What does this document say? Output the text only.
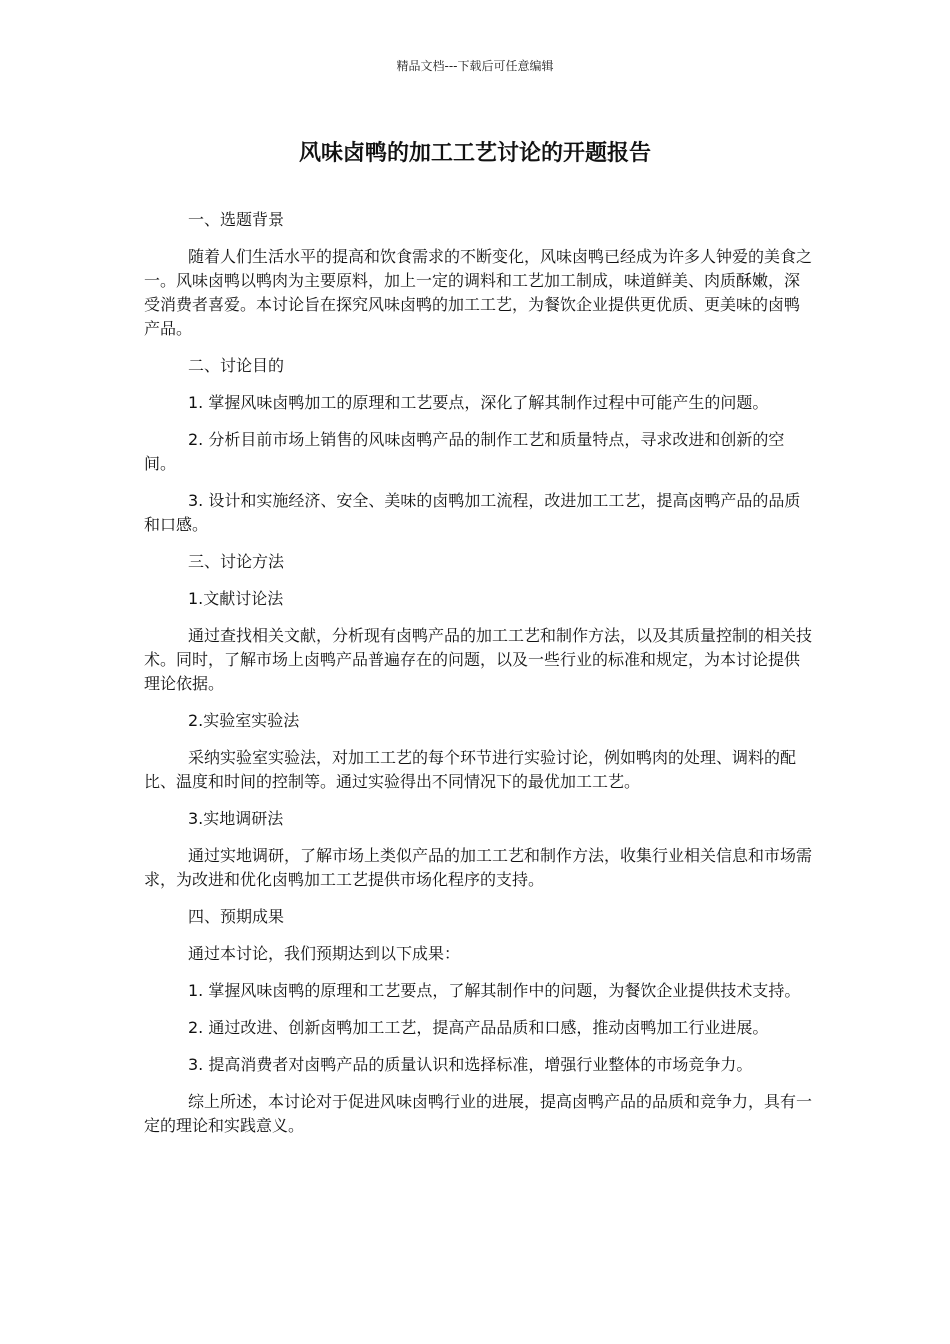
精品文档---下载后可任意编辑
风味卤鸭的加工工艺讨论的开题报告

一、选题背景

随着人们生活水平的提高和饮食需求的不断变化，风味卤鸭已经成为许多人钟爱的美食之一。风味卤鸭以鸭肉为主要原料，加上一定的调料和工艺加工制成，味道鲜美、肉质酥嫩，深受消费者喜爱。本讨论旨在探究风味卤鸭的加工工艺，为餐饮企业提供更优质、更美味的卤鸭产品。

二、讨论目的

1. 掌握风味卤鸭加工的原理和工艺要点，深化了解其制作过程中可能产生的问题。

2. 分析目前市场上销售的风味卤鸭产品的制作工艺和质量特点，寻求改进和创新的空间。

3. 设计和实施经济、安全、美味的卤鸭加工流程，改进加工工艺，提高卤鸭产品的品质和口感。

三、讨论方法

1.文献讨论法

通过查找相关文献，分析现有卤鸭产品的加工工艺和制作方法，以及其质量控制的相关技术。同时，了解市场上卤鸭产品普遍存在的问题，以及一些行业的标准和规定，为本讨论提供理论依据。

2.实验室实验法

采纳实验室实验法，对加工工艺的每个环节进行实验讨论，例如鸭肉的处理、调料的配比、温度和时间的控制等。通过实验得出不同情况下的最优加工工艺。

3.实地调研法

通过实地调研，了解市场上类似产品的加工工艺和制作方法，收集行业相关信息和市场需求，为改进和优化卤鸭加工工艺提供市场化程序的支持。

四、预期成果

通过本讨论，我们预期达到以下成果：

1. 掌握风味卤鸭的原理和工艺要点，了解其制作中的问题，为餐饮企业提供技术支持。

2. 通过改进、创新卤鸭加工工艺，提高产品品质和口感，推动卤鸭加工行业进展。

3. 提高消费者对卤鸭产品的质量认识和选择标准，增强行业整体的市场竞争力。

综上所述，本讨论对于促进风味卤鸭行业的进展，提高卤鸭产品的品质和竞争力，具有一定的理论和实践意义。
